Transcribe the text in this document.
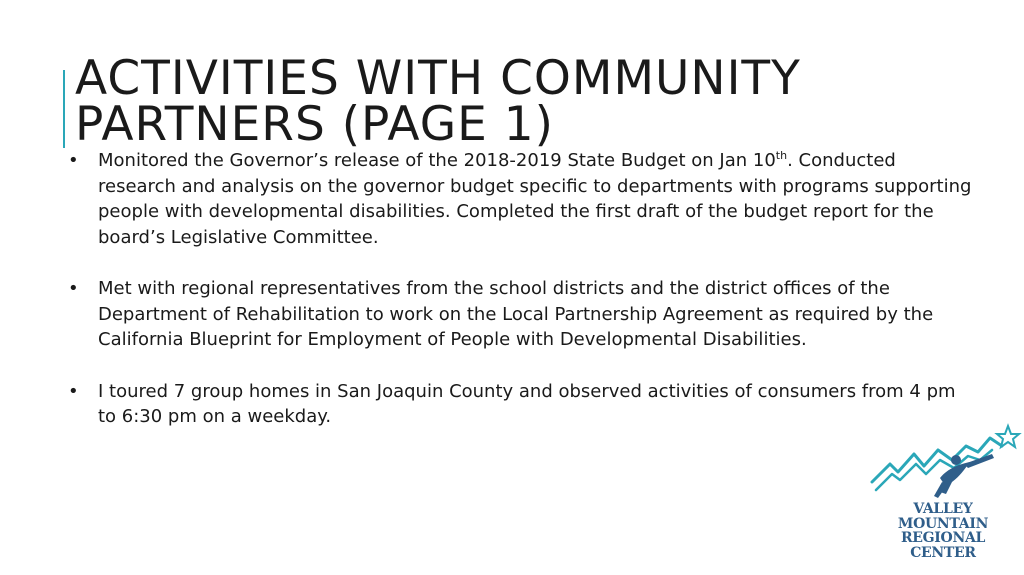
ACTIVITIES WITH COMMUNITY
PARTNERS (PAGE 1)
• Monitored the Governor’s release of the 2018-2019 State Budget on Jan 10th. Conducted research and analysis on the governor budget specific to departments with programs supporting people with developmental disabilities. Completed the first draft of the budget report for the board’s Legislative Committee.
• Met with regional representatives from the school districts and the district offices of the Department of Rehabilitation to work on the Local Partnership Agreement as required by the California Blueprint for Employment of People with Developmental Disabilities.
• I toured 7 group homes in San Joaquin County and observed activities of consumers from 4 pm to 6:30 pm on a weekday.
VALLEY
MOUNTAIN
REGIONAL
CENTER
